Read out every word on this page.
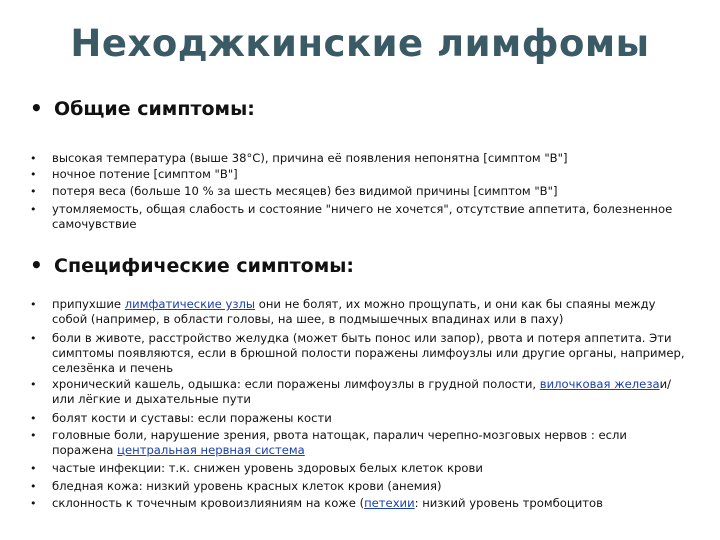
Неходжкинские лимфомы
• Общие симптомы:
• высокая температура (выше 38°С), причина её появления непонятна [симптом "В"]
• ночное потение [симптом "В"]
• потеря веса (больше 10 % за шесть месяцев) без видимой причины [симптом "В"]
• утомляемость, общая слабость и состояние "ничего не хочется", отсутствие аппетита, болезненное самочувствие
• Специфические симптомы:
• припухшие лимфатические узлы они не болят, их можно прощупать, и они как бы спаяны между собой (например, в области головы, на шее, в подмышечных впадинах или в паху)
• боли в животе, расстройство желудка (может быть понос или запор), рвота и потеря аппетита. Эти симптомы появляются, если в брюшной полости поражены лимфоузлы или другие органы, например, селезёнка и печень
• хронический кашель, одышка: если поражены лимфоузлы в грудной полости, вилочковая железаи/или лёгкие и дыхательные пути
• болят кости и суставы: если поражены кости
• головные боли, нарушение зрения, рвота натощак, паралич черепно-мозговых нервов : если поражена центральная нервная система
• частые инфекции: т.к. снижен уровень здоровых белых клеток крови
• бледная кожа: низкий уровень красных клеток крови (анемия)
• склонность к точечным кровоизлияниям на коже (петехии: низкий уровень тромбоцитов
